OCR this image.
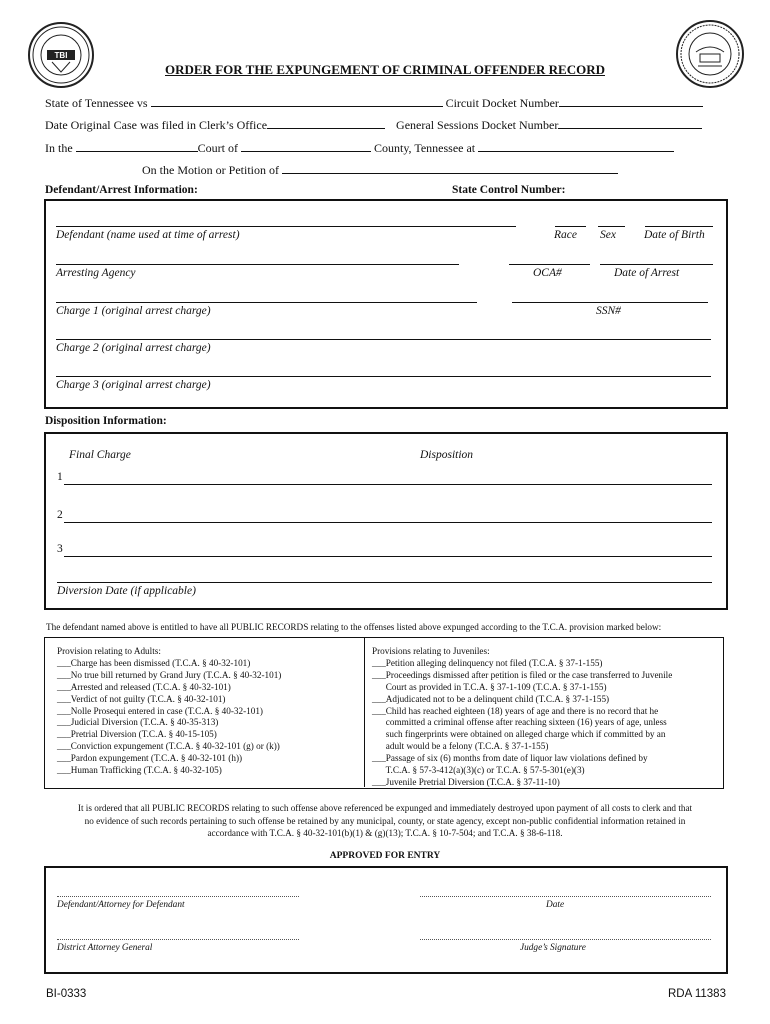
TBI
ORDER FOR THE EXPUNGEMENT OF CRIMINAL OFFENDER RECORD
State of Tennessee vs	Circuit Docket Number
Date Original Case was filed in Clerk’s Office	General Sessions Docket Number
In the	Court of	County, Tennessee at
On the Motion or Petition of
Defendant/Arrest Information:	State Control Number:
Defendant (name used at time of arrest)	Race Sex Date of Birth
Arresting Agency	OCA#	Date of Arrest
Charge 1 (original arrest charge)	SSN#
Charge 2 (original arrest charge)
Charge 3 (original arrest charge)
Disposition Information:
Final Charge	Disposition
1
2
3
Diversion Date (if applicable)
The defendant named above is entitled to have all PUBLIC RECORDS relating to the offenses listed above expunged according to the T.C.A. provision marked below:
Provision relating to Adults:
___Charge has been dismissed (T.C.A. § 40-32-101)
___No true bill returned by Grand Jury (T.C.A. § 40-32-101)
___Arrested and released (T.C.A. § 40-32-101)
___Verdict of not guilty (T.C.A. § 40-32-101)
___Nolle Prosequi entered in case (T.C.A. § 40-32-101)
___Judicial Diversion (T.C.A. § 40-35-313)
___Pretrial Diversion (T.C.A. § 40-15-105)
___Conviction expungement (T.C.A. § 40-32-101 (g) or (k))
___Pardon expungement (T.C.A. § 40-32-101 (h))
___Human Trafficking (T.C.A. § 40-32-105)
Provisions relating to Juveniles:
___Petition alleging delinquency not filed (T.C.A. § 37-1-155)
___Proceedings dismissed after petition is filed or the case transferred to Juvenile
Court as provided in T.C.A. § 37-1-109 (T.C.A. § 37-1-155)
___Adjudicated not to be a delinquent child (T.C.A. § 37-1-155)
___Child has reached eighteen (18) years of age and there is no record that he
committed a criminal offense after reaching sixteen (16) years of age, unless
such fingerprints were obtained on alleged charge which if committed by an
adult would be a felony (T.C.A. § 37-1-155)
___Passage of six (6) months from date of liquor law violations defined by
T.C.A. § 57-3-412(a)(3)(c) or T.C.A. § 57-5-301(e)(3)
___Juvenile Pretrial Diversion (T.C.A. § 37-11-10)
It is ordered that all PUBLIC RECORDS relating to such offense above referenced be expunged and immediately destroyed upon payment of all costs to clerk and that
no evidence of such records pertaining to such offense be retained by any municipal, county, or state agency, except non-public confidential information retained in
accordance with T.C.A. § 40-32-101(b)(1) & (g)(13); T.C.A. § 10-7-504; and T.C.A. § 38-6-118.
APPROVED FOR ENTRY
Defendant/Attorney for Defendant	Date
District Attorney General	Judge’s Signature
BI-0333	RDA 11383
